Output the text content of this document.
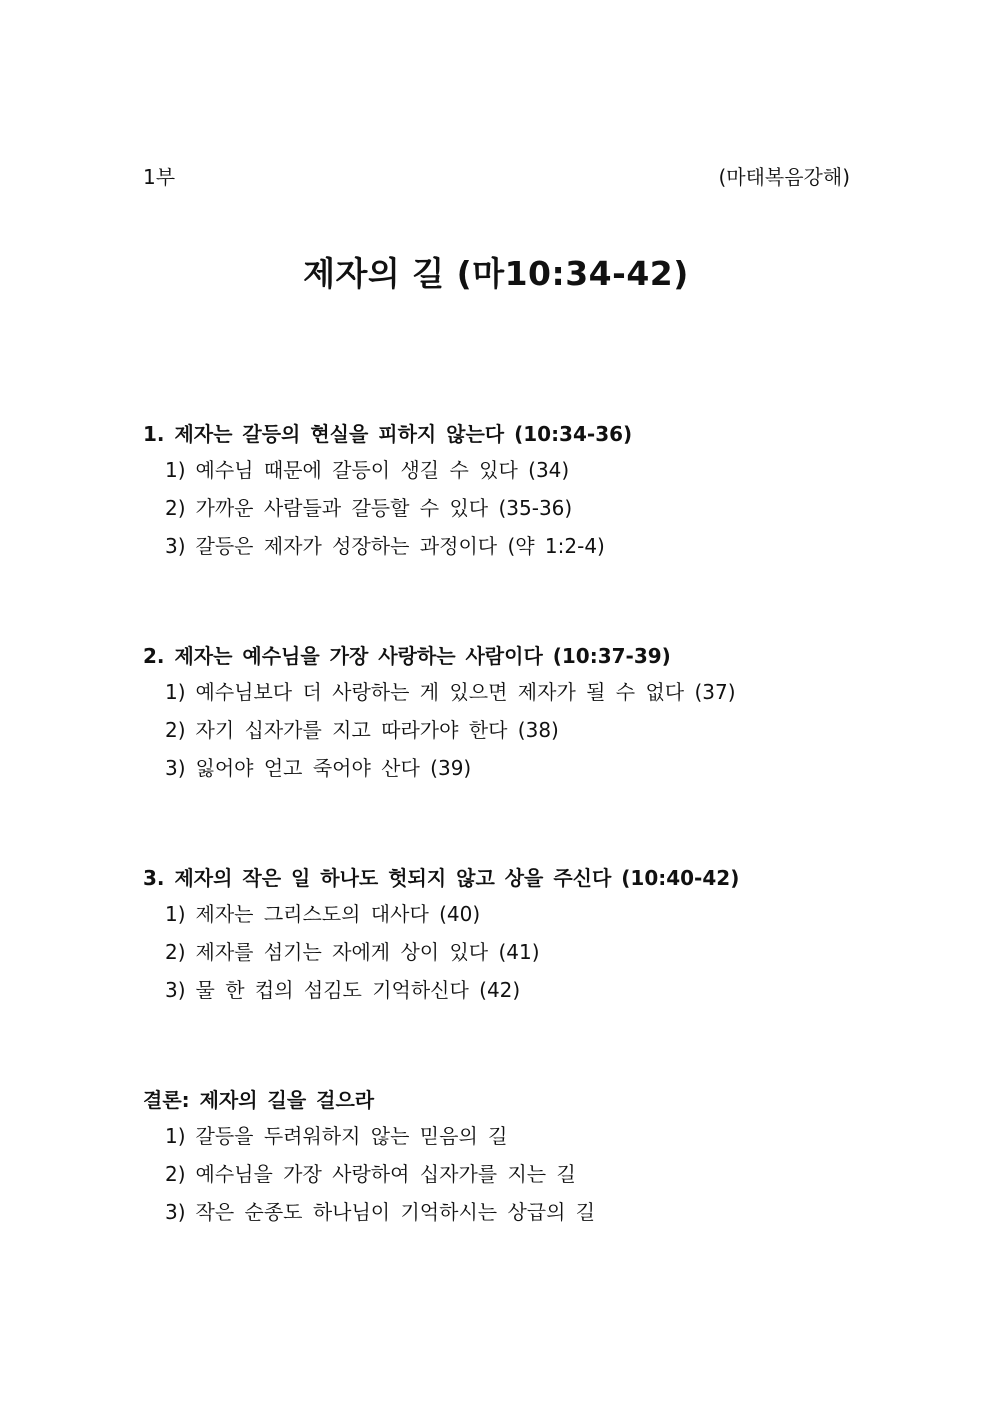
1부	(마태복음강해)
제자의 길 (마10:34-42)
1. 제자는 갈등의 현실을 피하지 않는다 (10:34-36)
1) 예수님 때문에 갈등이 생길 수 있다 (34)
2) 가까운 사람들과 갈등할 수 있다 (35-36)
3) 갈등은 제자가 성장하는 과정이다 (약 1:2-4)
2. 제자는 예수님을 가장 사랑하는 사람이다 (10:37-39)
1) 예수님보다 더 사랑하는 게 있으면 제자가 될 수 없다 (37)
2) 자기 십자가를 지고 따라가야 한다 (38)
3) 잃어야 얻고 죽어야 산다 (39)
3. 제자의 작은 일 하나도 헛되지 않고 상을 주신다 (10:40-42)
1) 제자는 그리스도의 대사다 (40)
2) 제자를 섬기는 자에게 상이 있다 (41)
3) 물 한 컵의 섬김도 기억하신다 (42)
결론: 제자의 길을 걸으라
1) 갈등을 두려워하지 않는 믿음의 길
2) 예수님을 가장 사랑하여 십자가를 지는 길
3) 작은 순종도 하나님이 기억하시는 상급의 길
